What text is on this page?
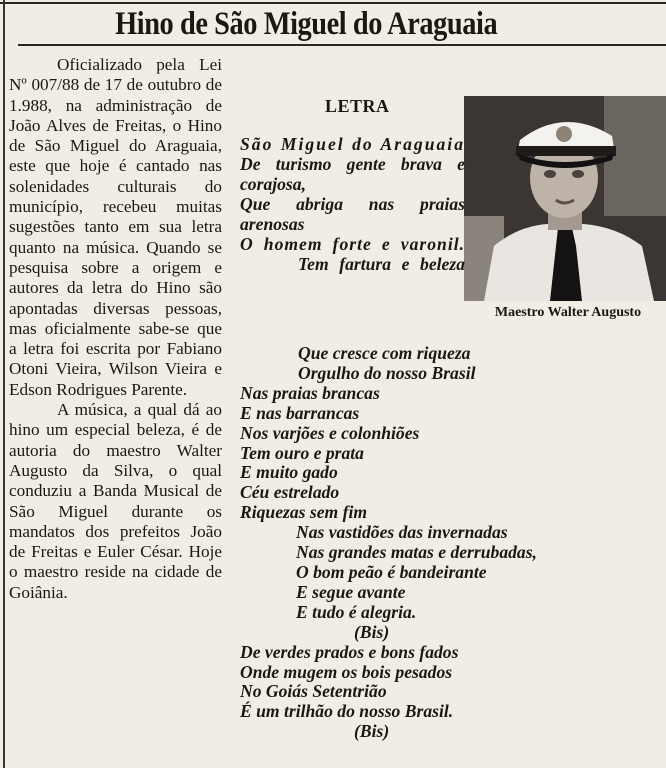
Hino de São Miguel do Araguaia

Oficializado pela Lei Nº 007/88 de 17 de outubro de 1.988, na administração de João Alves de Freitas, o Hino de São Miguel do Araguaia, este que hoje é cantado nas solenidades culturais do município, recebeu muitas sugestões tanto em sua letra quanto na música. Quando se pesquisa sobre a origem e autores da letra do Hino são apontadas diversas pessoas, mas oficialmente sabe-se que a letra foi escrita por Fabiano Otoni Vieira, Wilson Vieira e Edson Rodrigues Parente.

A música, a qual dá ao hino um especial beleza, é de autoria do maestro Walter Augusto da Silva, o qual conduziu a Banda Musical de São Miguel durante os mandatos dos prefeitos João de Freitas e Euler César. Hoje o maestro reside na cidade de Goiânia.

LETRA
Maestro Walter Augusto
São Miguel do Araguaia
De turismo gente brava e corajosa,
Que abriga nas praias arenosas
O homem forte e varonil.
Tem fartura e beleza
Que cresce com riqueza
Orgulho do nosso Brasil
Nas praias brancas
E nas barrancas
Nos varjões e colonhiões
Tem ouro e prata
E muito gado
Céu estrelado
Riquezas sem fim
Nas vastidões das invernadas
Nas grandes matas e derrubadas,
O bom peão é bandeirante
E segue avante
E tudo é alegria.
(Bis)
De verdes prados e bons fados
Onde mugem os bois pesados
No Goiás Setentrião
É um trilhão do nosso Brasil.
(Bis)
